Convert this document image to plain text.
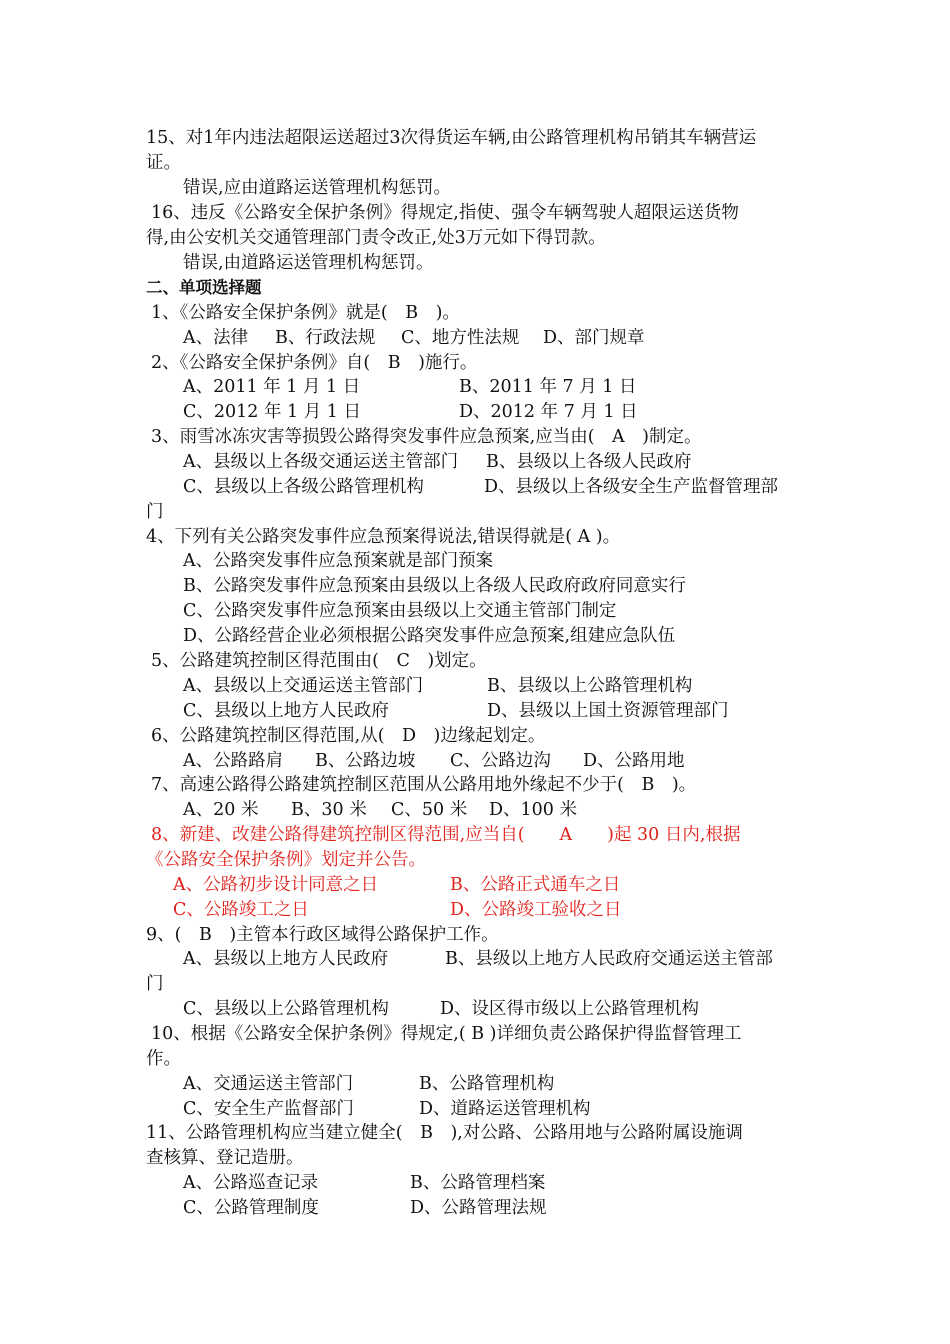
15、对1年内违法超限运送超过3次得货运车辆,由公路管理机构吊销其车辆营运
证。
错误,应由道路运送管理机构惩罚。
16、违反《公路安全保护条例》得规定,指使、强令车辆驾驶人超限运送货物
得,由公安机关交通管理部门责令改正,处3万元如下得罚款。
错误,由道路运送管理机构惩罚。
二、单项选择题
1、《公路安全保护条例》就是(　B　)。
A、法律 B、行政法规 C、地方性法规 D、部门规章
2、《公路安全保护条例》自(　B　)施行。
A、2011 年 1 月 1 日	B、2011 年 7 月 1 日
C、2012 年 1 月 1 日	D、2012 年 7 月 1 日
3、雨雪冰冻灾害等损毁公路得突发事件应急预案,应当由(　A　)制定。
A、县级以上各级交通运送主管部门 B、县级以上各级人民政府
C、县级以上各级公路管理机构	D、县级以上各级安全生产监督管理部
门
4、下列有关公路突发事件应急预案得说法,错误得就是( A )。
A、公路突发事件应急预案就是部门预案
B、公路突发事件应急预案由县级以上各级人民政府政府同意实行
C、公路突发事件应急预案由县级以上交通主管部门制定
D、公路经营企业必须根据公路突发事件应急预案,组建应急队伍
5、公路建筑控制区得范围由(　C　)划定。
A、县级以上交通运送主管部门	B、县级以上公路管理机构
C、县级以上地方人民政府	D、县级以上国土资源管理部门
6、公路建筑控制区得范围,从(　D　)边缘起划定。
A、公路路肩 B、公路边坡 C、公路边沟 D、公路用地
7、高速公路得公路建筑控制区范围从公路用地外缘起不少于(　B　)。
A、20 米 B、30 米 C、50 米 D、100 米
8、新建、改建公路得建筑控制区得范围,应当自(　　A　　)起 30 日内,根据
《公路安全保护条例》划定并公告。
A、公路初步设计同意之日	B、公路正式通车之日
C、公路竣工之日	D、公路竣工验收之日
9、(　B　)主管本行政区域得公路保护工作。
A、县级以上地方人民政府	B、县级以上地方人民政府交通运送主管部
门
C、县级以上公路管理机构	D、设区得市级以上公路管理机构
10、根据《公路安全保护条例》得规定,( B )详细负责公路保护得监督管理工
作。
A、交通运送主管部门	B、公路管理机构
C、安全生产监督部门	D、道路运送管理机构
11、公路管理机构应当建立健全(　B　),对公路、公路用地与公路附属设施调
查核算、登记造册。
A、公路巡查记录	B、公路管理档案
C、公路管理制度	D、公路管理法规
